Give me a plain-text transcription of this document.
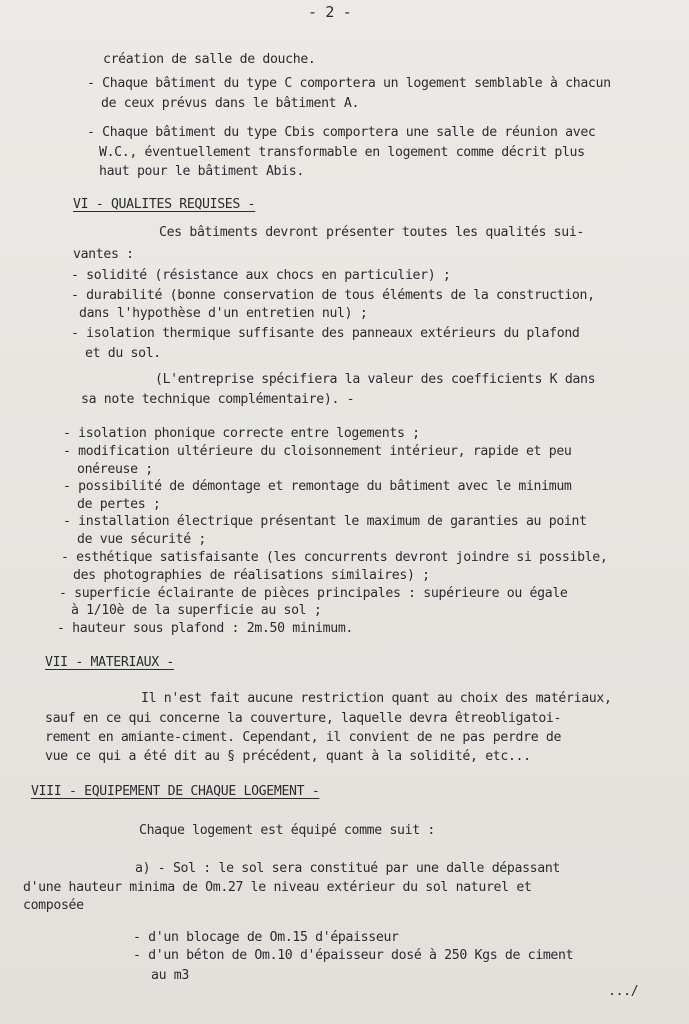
- 2 -
création de salle de douche.
- Chaque bâtiment du type C comportera un logement semblable à chacun
de ceux prévus dans le bâtiment A.
- Chaque bâtiment du type Cbis comportera une salle de réunion avec
W.C., éventuellement transformable en logement comme décrit plus
haut pour le bâtiment Abis.
VI - QUALITES REQUISES -
Ces bâtiments devront présenter toutes les qualités sui-
vantes :
- solidité (résistance aux chocs en particulier) ;
- durabilité (bonne conservation de tous éléments de la construction,
dans l'hypothèse d'un entretien nul) ;
- isolation thermique suffisante des panneaux extérieurs du plafond
et du sol.
(L'entreprise spécifiera la valeur des coefficients K dans
sa note technique complémentaire). -
- isolation phonique correcte entre logements ;
- modification ultérieure du cloisonnement intérieur, rapide et peu
onéreuse ;
- possibilité de démontage et remontage du bâtiment avec le minimum
de pertes ;
- installation électrique présentant le maximum de garanties au point
de vue sécurité ;
- esthétique satisfaisante (les concurrents devront joindre si possible,
des photographies de réalisations similaires) ;
- superficie éclairante de pièces principales : supérieure ou égale
à 1/10è de la superficie au sol ;
- hauteur sous plafond : 2m.50 minimum.
VII - MATERIAUX -
Il n'est fait aucune restriction quant au choix des matériaux,
sauf en ce qui concerne la couverture, laquelle devra êtreobligatoi-
rement en amiante-ciment. Cependant, il convient de ne pas perdre de
vue ce qui a été dit au § précédent, quant à la solidité, etc...
VIII - EQUIPEMENT DE CHAQUE LOGEMENT -
Chaque logement est équipé comme suit :
a) - Sol : le sol sera constitué par une dalle dépassant
d'une hauteur minima de Om.27 le niveau extérieur du sol naturel et
composée
- d'un blocage de Om.15 d'épaisseur
- d'un béton de Om.10 d'épaisseur dosé à 250 Kgs de ciment
au m3
.../
